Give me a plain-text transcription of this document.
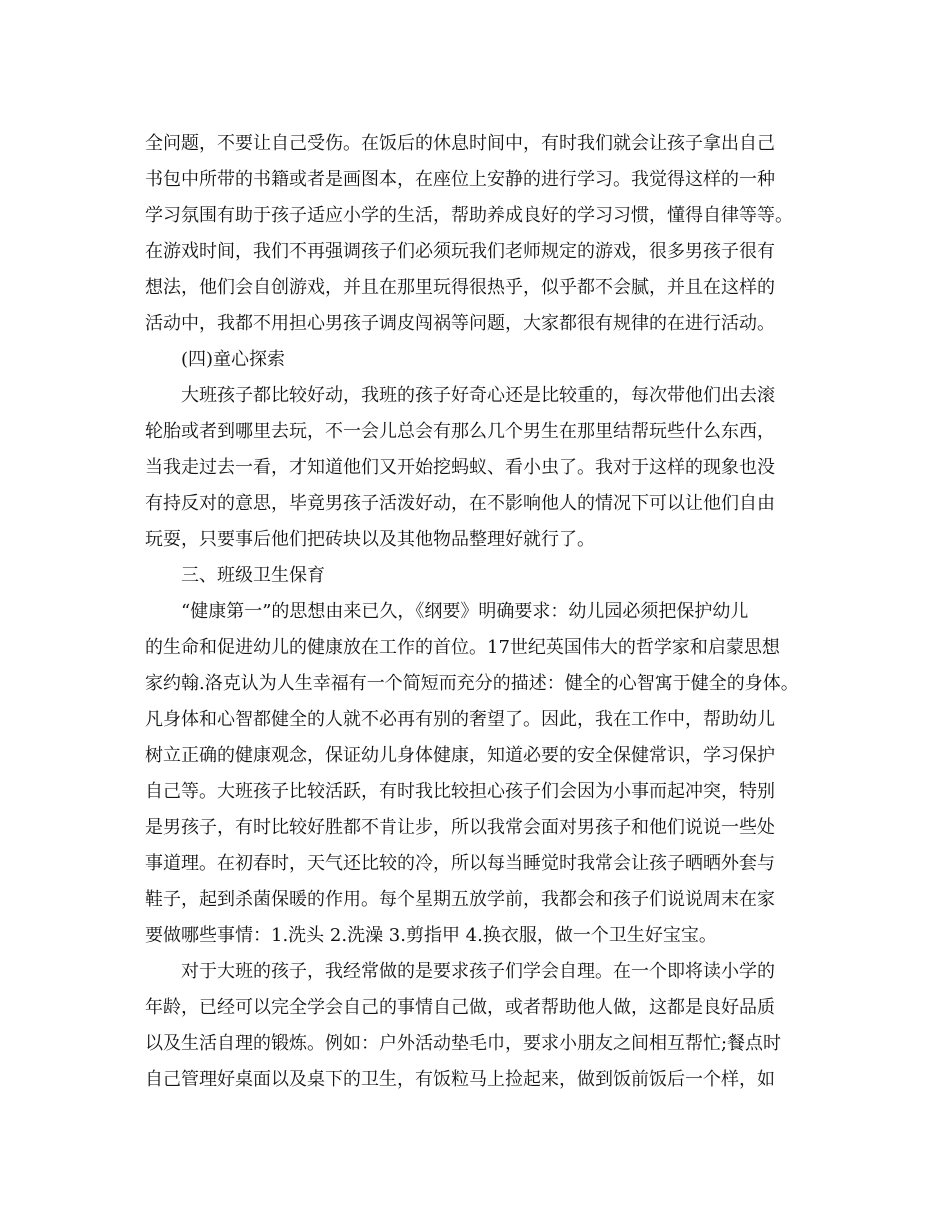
全问题，不要让自己受伤。在饭后的休息时间中，有时我们就会让孩子拿出自己
书包中所带的书籍或者是画图本，在座位上安静的进行学习。我觉得这样的一种
学习氛围有助于孩子适应小学的生活，帮助养成良好的学习习惯，懂得自律等等。
在游戏时间，我们不再强调孩子们必须玩我们老师规定的游戏，很多男孩子很有
想法，他们会自创游戏，并且在那里玩得很热乎，似乎都不会腻，并且在这样的
活动中，我都不用担心男孩子调皮闯祸等问题，大家都很有规律的在进行活动。
(四)童心探索
大班孩子都比较好动，我班的孩子好奇心还是比较重的，每次带他们出去滚
轮胎或者到哪里去玩，不一会儿总会有那么几个男生在那里结帮玩些什么东西，
当我走过去一看，才知道他们又开始挖蚂蚁、看小虫了。我对于这样的现象也没
有持反对的意思，毕竟男孩子活泼好动，在不影响他人的情况下可以让他们自由
玩耍，只要事后他们把砖块以及其他物品整理好就行了。
三、班级卫生保育
“健康第一”的思想由来已久，《纲要》明确要求：幼儿园必须把保护幼儿
的生命和促进幼儿的健康放在工作的首位。17世纪英国伟大的哲学家和启蒙思想
家约翰.洛克认为人生幸福有一个简短而充分的描述：健全的心智寓于健全的身体。
凡身体和心智都健全的人就不必再有别的奢望了。因此，我在工作中，帮助幼儿
树立正确的健康观念，保证幼儿身体健康，知道必要的安全保健常识，学习保护
自己等。大班孩子比较活跃，有时我比较担心孩子们会因为小事而起冲突，特别
是男孩子，有时比较好胜都不肯让步，所以我常会面对男孩子和他们说说一些处
事道理。在初春时，天气还比较的冷，所以每当睡觉时我常会让孩子晒晒外套与
鞋子，起到杀菌保暖的作用。每个星期五放学前，我都会和孩子们说说周末在家
要做哪些事情：1.洗头 2.洗澡 3.剪指甲 4.换衣服，做一个卫生好宝宝。
对于大班的孩子，我经常做的是要求孩子们学会自理。在一个即将读小学的
年龄，已经可以完全学会自己的事情自己做，或者帮助他人做，这都是良好品质
以及生活自理的锻炼。例如：户外活动垫毛巾，要求小朋友之间相互帮忙;餐点时
自己管理好桌面以及桌下的卫生，有饭粒马上捡起来，做到饭前饭后一个样，如
